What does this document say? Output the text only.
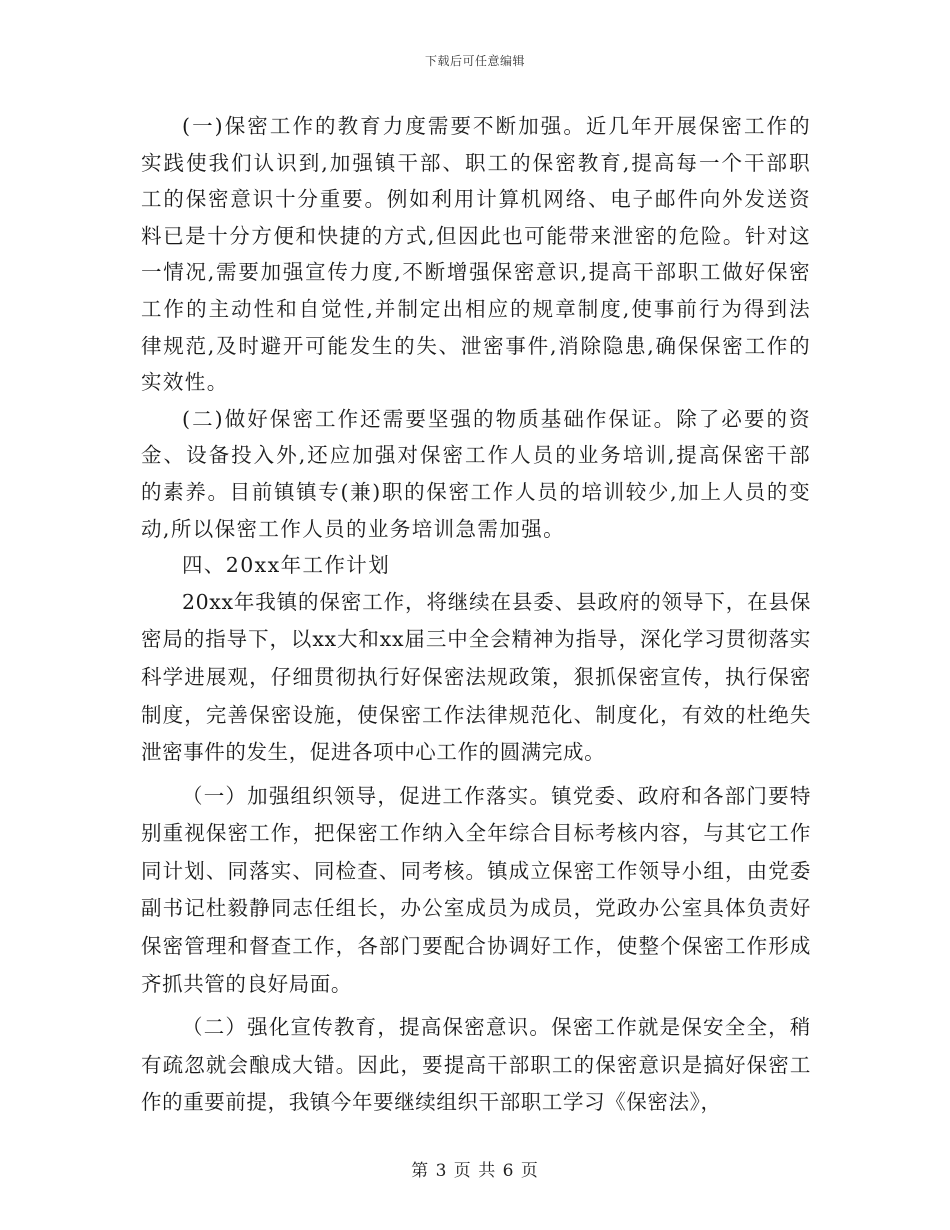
下载后可任意编辑

(一)保密工作的教育力度需要不断加强。近几年开展保密工作的实践使我们认识到,加强镇干部、职工的保密教育,提高每一个干部职工的保密意识十分重要。例如利用计算机网络、电子邮件向外发送资料已是十分方便和快捷的方式,但因此也可能带来泄密的危险。针对这一情况,需要加强宣传力度,不断增强保密意识,提高干部职工做好保密工作的主动性和自觉性,并制定出相应的规章制度,使事前行为得到法律规范,及时避开可能发生的失、泄密事件,消除隐患,确保保密工作的实效性。

(二)做好保密工作还需要坚强的物质基础作保证。除了必要的资金、设备投入外,还应加强对保密工作人员的业务培训,提高保密干部的素养。目前镇镇专(兼)职的保密工作人员的培训较少,加上人员的变动,所以保密工作人员的业务培训急需加强。

四、20xx年工作计划

20xx年我镇的保密工作，将继续在县委、县政府的领导下，在县保密局的指导下，以xx大和xx届三中全会精神为指导，深化学习贯彻落实科学进展观，仔细贯彻执行好保密法规政策，狠抓保密宣传，执行保密制度，完善保密设施，使保密工作法律规范化、制度化，有效的杜绝失泄密事件的发生，促进各项中心工作的圆满完成。

（一）加强组织领导，促进工作落实。镇党委、政府和各部门要特别重视保密工作，把保密工作纳入全年综合目标考核内容，与其它工作同计划、同落实、同检查、同考核。镇成立保密工作领导小组，由党委副书记杜毅静同志任组长，办公室成员为成员，党政办公室具体负责好保密管理和督查工作，各部门要配合协调好工作，使整个保密工作形成齐抓共管的良好局面。

（二）强化宣传教育，提高保密意识。保密工作就是保安全全，稍有疏忽就会酿成大错。因此，要提高干部职工的保密意识是搞好保密工作的重要前提，我镇今年要继续组织干部职工学习《保密法》，

第 3 页 共 6 页
